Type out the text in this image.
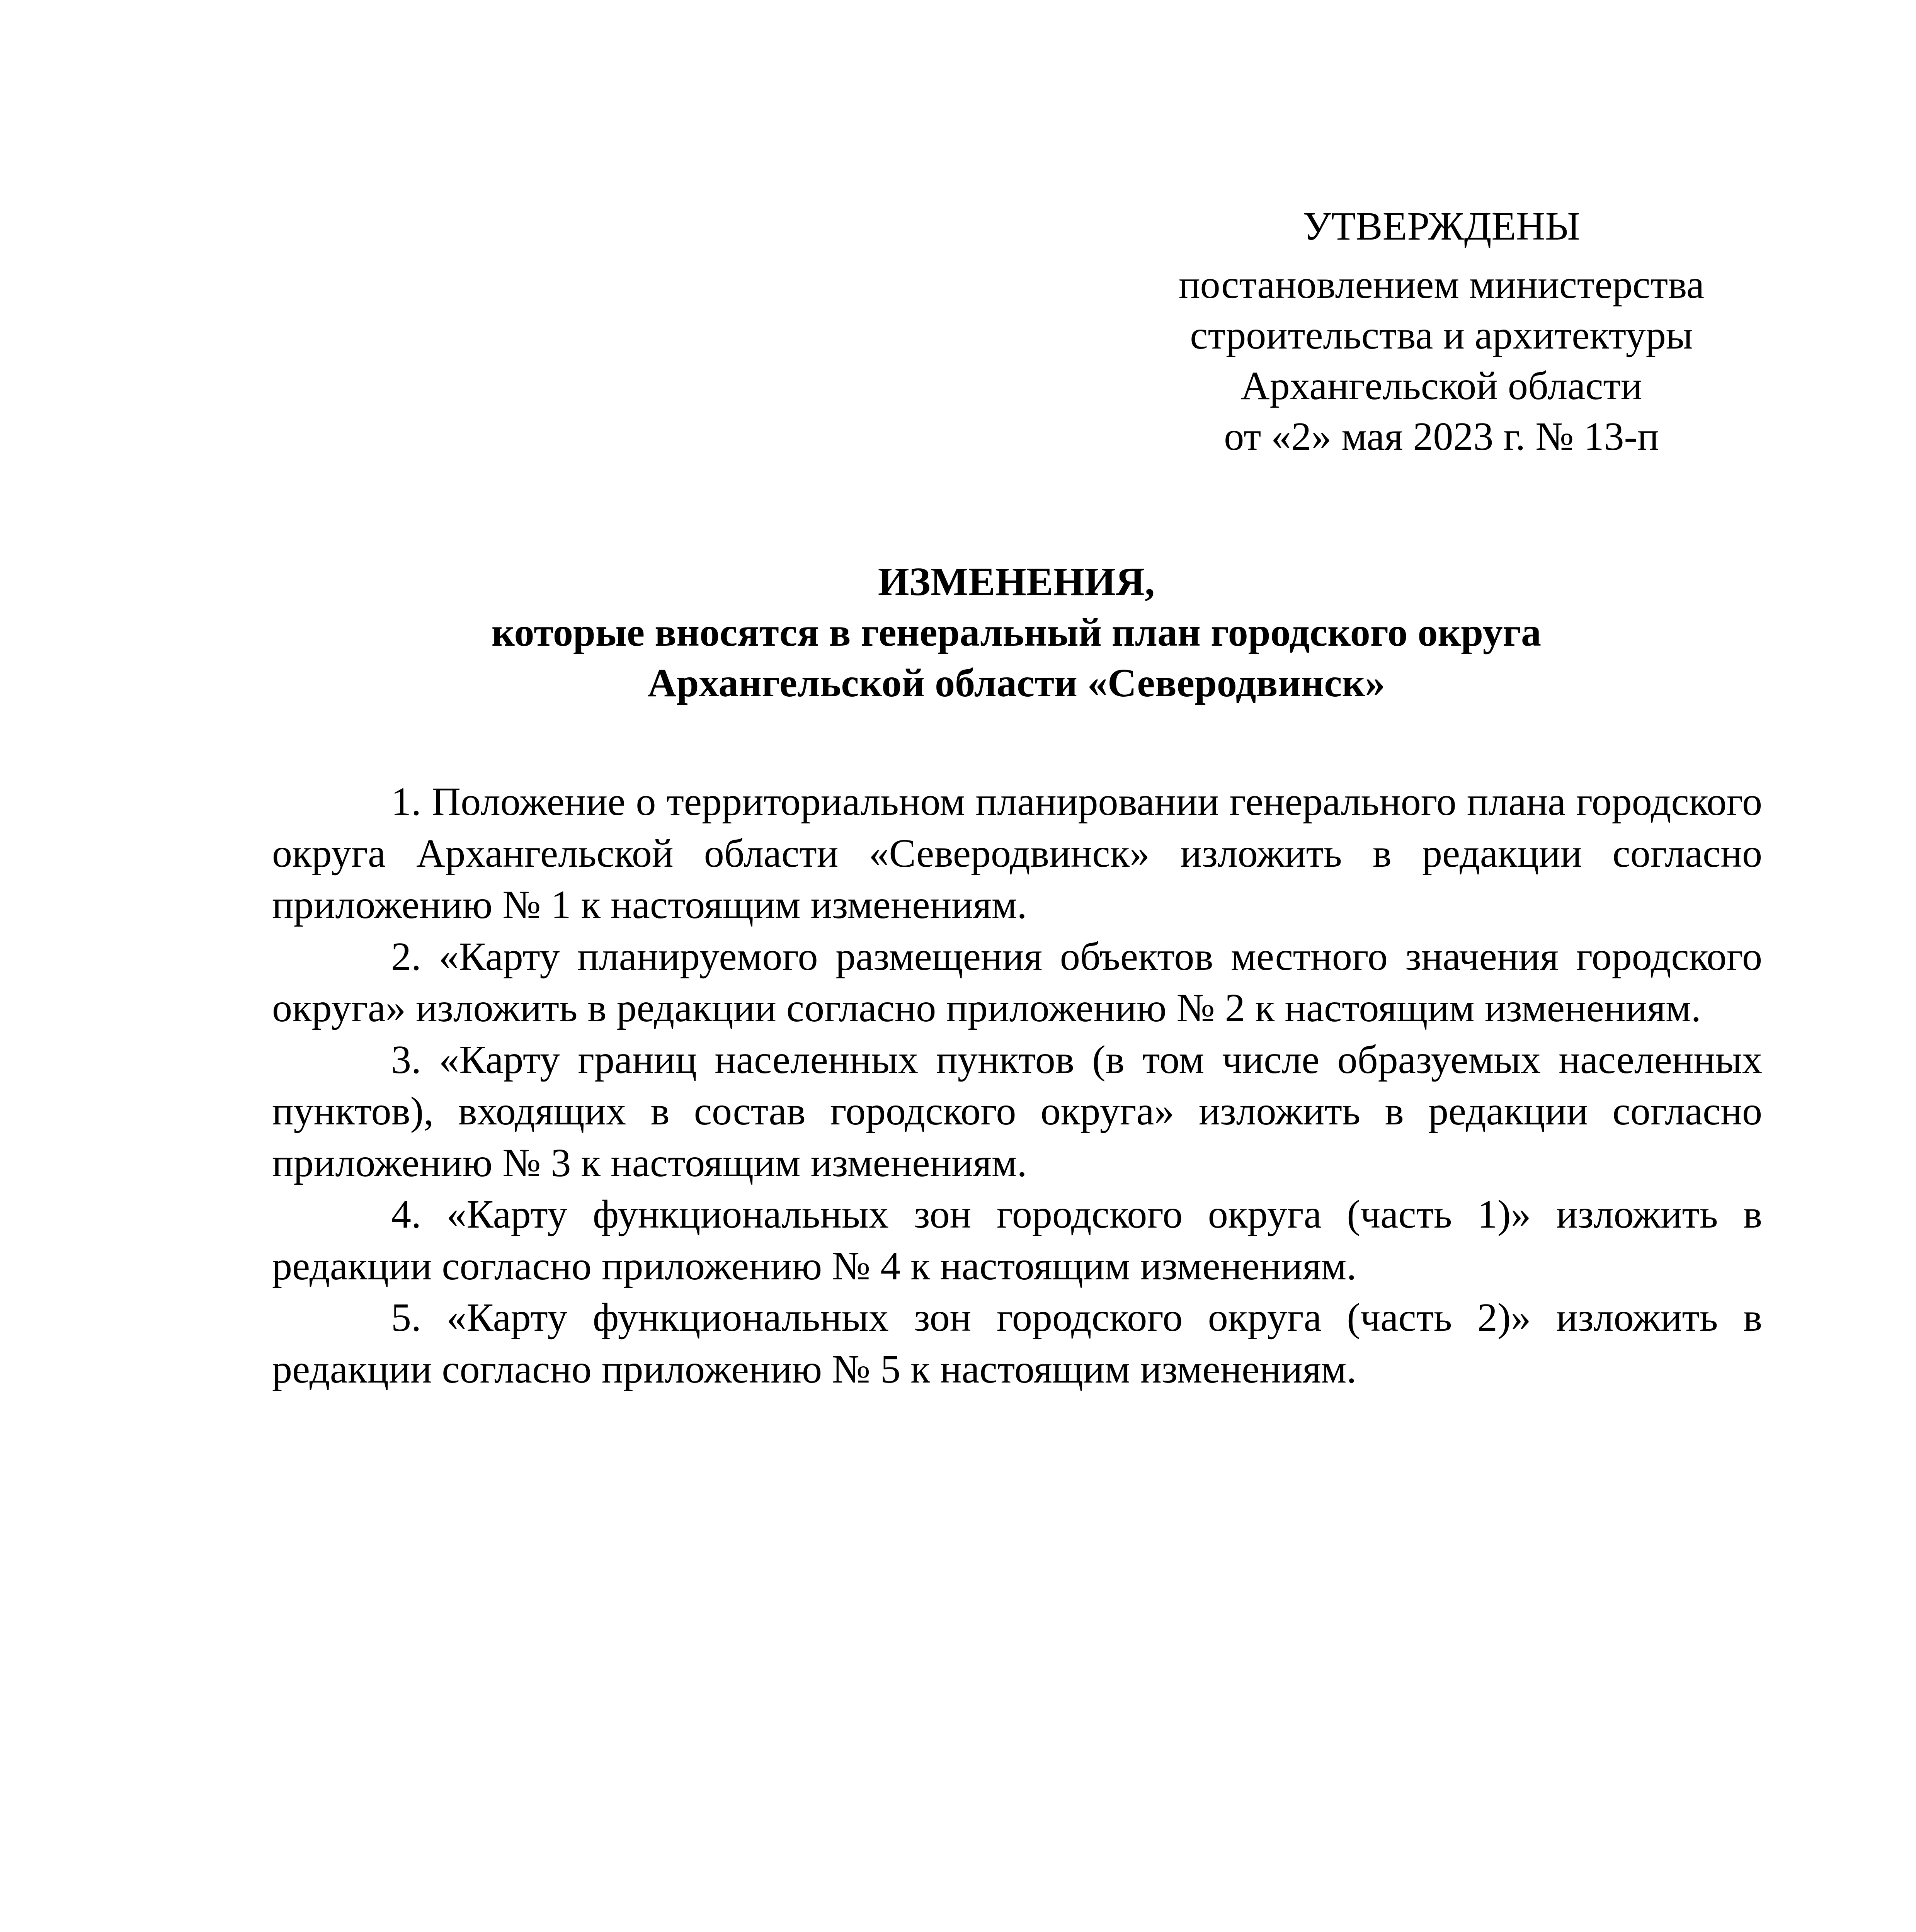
УТВЕРЖДЕНЫ
постановлением министерства
строительства и архитектуры
Архангельской области
от «2» мая 2023 г. № 13-п
ИЗМЕНЕНИЯ,
которые вносятся в генеральный план городского округа
Архангельской области «Северодвинск»

1. Положение о территориальном планировании генерального плана городского округа Архангельской области «Северодвинск» изложить в редакции согласно приложению № 1 к настоящим изменениям.

2. «Карту планируемого размещения объектов местного значения городского округа» изложить в редакции согласно приложению № 2 к настоящим изменениям.

3. «Карту границ населенных пунктов (в том числе образуемых населенных пунктов), входящих в состав городского округа» изложить в редакции согласно приложению № 3 к настоящим изменениям.

4. «Карту функциональных зон городского округа (часть 1)» изложить в редакции согласно приложению № 4 к настоящим изменениям.

5. «Карту функциональных зон городского округа (часть 2)» изложить в редакции согласно приложению № 5 к настоящим изменениям.
